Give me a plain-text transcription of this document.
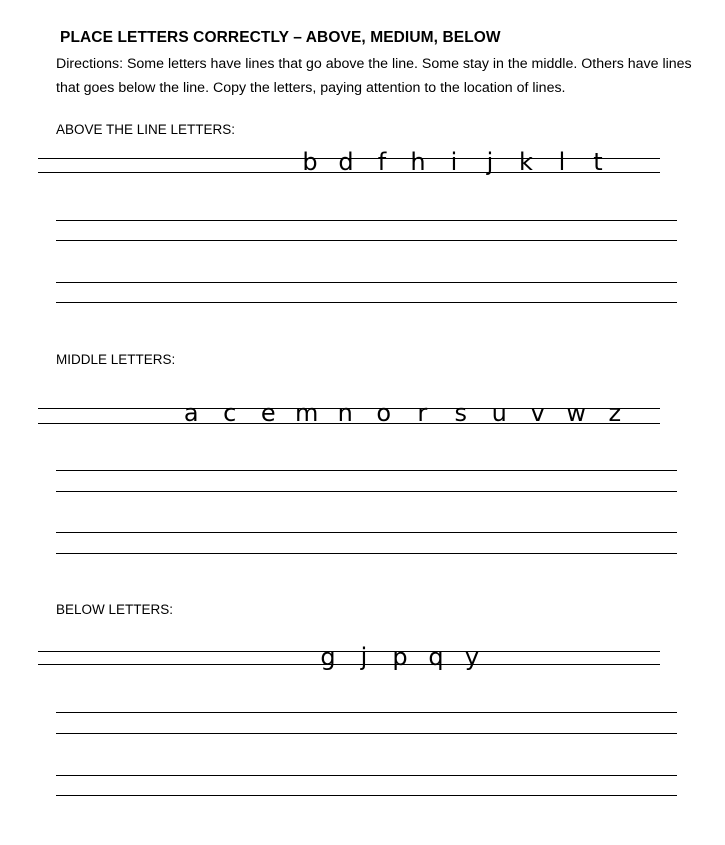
PLACE LETTERS CORRECTLY – ABOVE, MEDIUM, BELOW
Directions: Some letters have lines that go above the line. Some stay in the middle. Others have lines that goes below the line. Copy the letters, paying attention to the location of lines.
ABOVE THE LINE LETTERS:
b d	f	h	i	j	k	l	t
MIDDLE LETTERS:
a	c	e m n o	r	s	u v w z
BELOW LETTERS:
g	j	p q y
